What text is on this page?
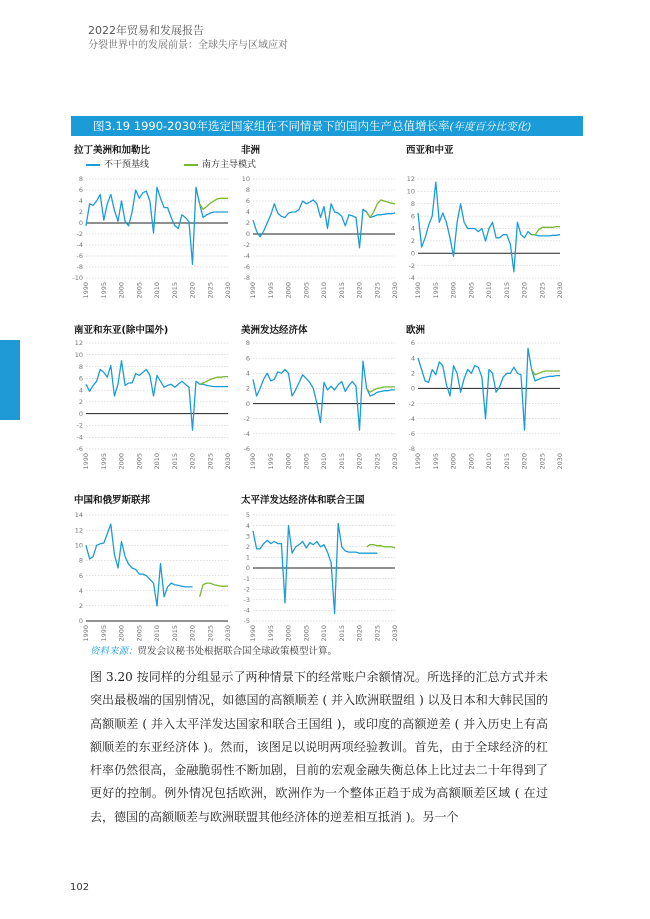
2022年贸易和发展报告
分裂世界中的发展前景：全球失序与区域应对
图3.19 1990-2030年选定国家组在不同情景下的国内生产总值增长率(年度百分比变化)
拉丁美洲和加勒比
不干预基线	南方主导模式
-10
-8
-6
-4
-2
0
2
4
6
8
1990 1995 2000 2005 2010 2015 2020 2025 2030
非洲
-8
-6
-4
-2
0
2
4
6
8
10
1990 1995 2000 2005 2010 2015 2020 2025 2030
西亚和中亚
-4
-2
0
2
4
6
8
10
12
1990 1995 2000 2005 2010 2015 2020 2025 2030
南亚和东亚(除中国外)
-6
-4
-2
0
2
4
6
8
10
12
1990 1995 2000 2005 2010 2015 2020 2025 2030
美洲发达经济体
-6
-4
-2
0
2
4
6
8
1990 1995 2000 2005 2010 2015 2020 2025 2030
欧洲
-8
-6
-4
-2
0
2
4
6
1990 1995 2000 2005 2010 2015 2020 2025 2030
中国和俄罗斯联邦
0
2
4
6
8
10
12
14
1990 1995 2000 2005 2010 2015 2020 2025 2030
太平洋发达经济体和联合王国
-5
-4
-3
-2
-1
0
1
2
3
4
5
1990 1995 2000 2005 2010 2015 2020 2025 2030
资料来源：贸发会议秘书处根据联合国全球政策模型计算。
图 3.20 按同样的分组显示了两种情景下的经常账户余额情况。所选择的汇总方式并未突出最极端的国别情况，如德国的高额顺差 ( 并入欧洲联盟组 ) 以及日本和大韩民国的高额顺差 ( 并入太平洋发达国家和联合王国组 )，或印度的高额逆差 ( 并入历史上有高额顺差的东亚经济体 )。然而，该图足以说明两项经验教训。首先，由于全球经济的杠杆率仍然很高，金融脆弱性不断加剧，目前的宏观金融失衡总体上比过去二十年得到了更好的控制。例外情况包括欧洲，欧洲作为一个整体正趋于成为高额顺差区域 ( 在过去，德国的高额顺差与欧洲联盟其他经济体的逆差相互抵消 )。另一个
102
